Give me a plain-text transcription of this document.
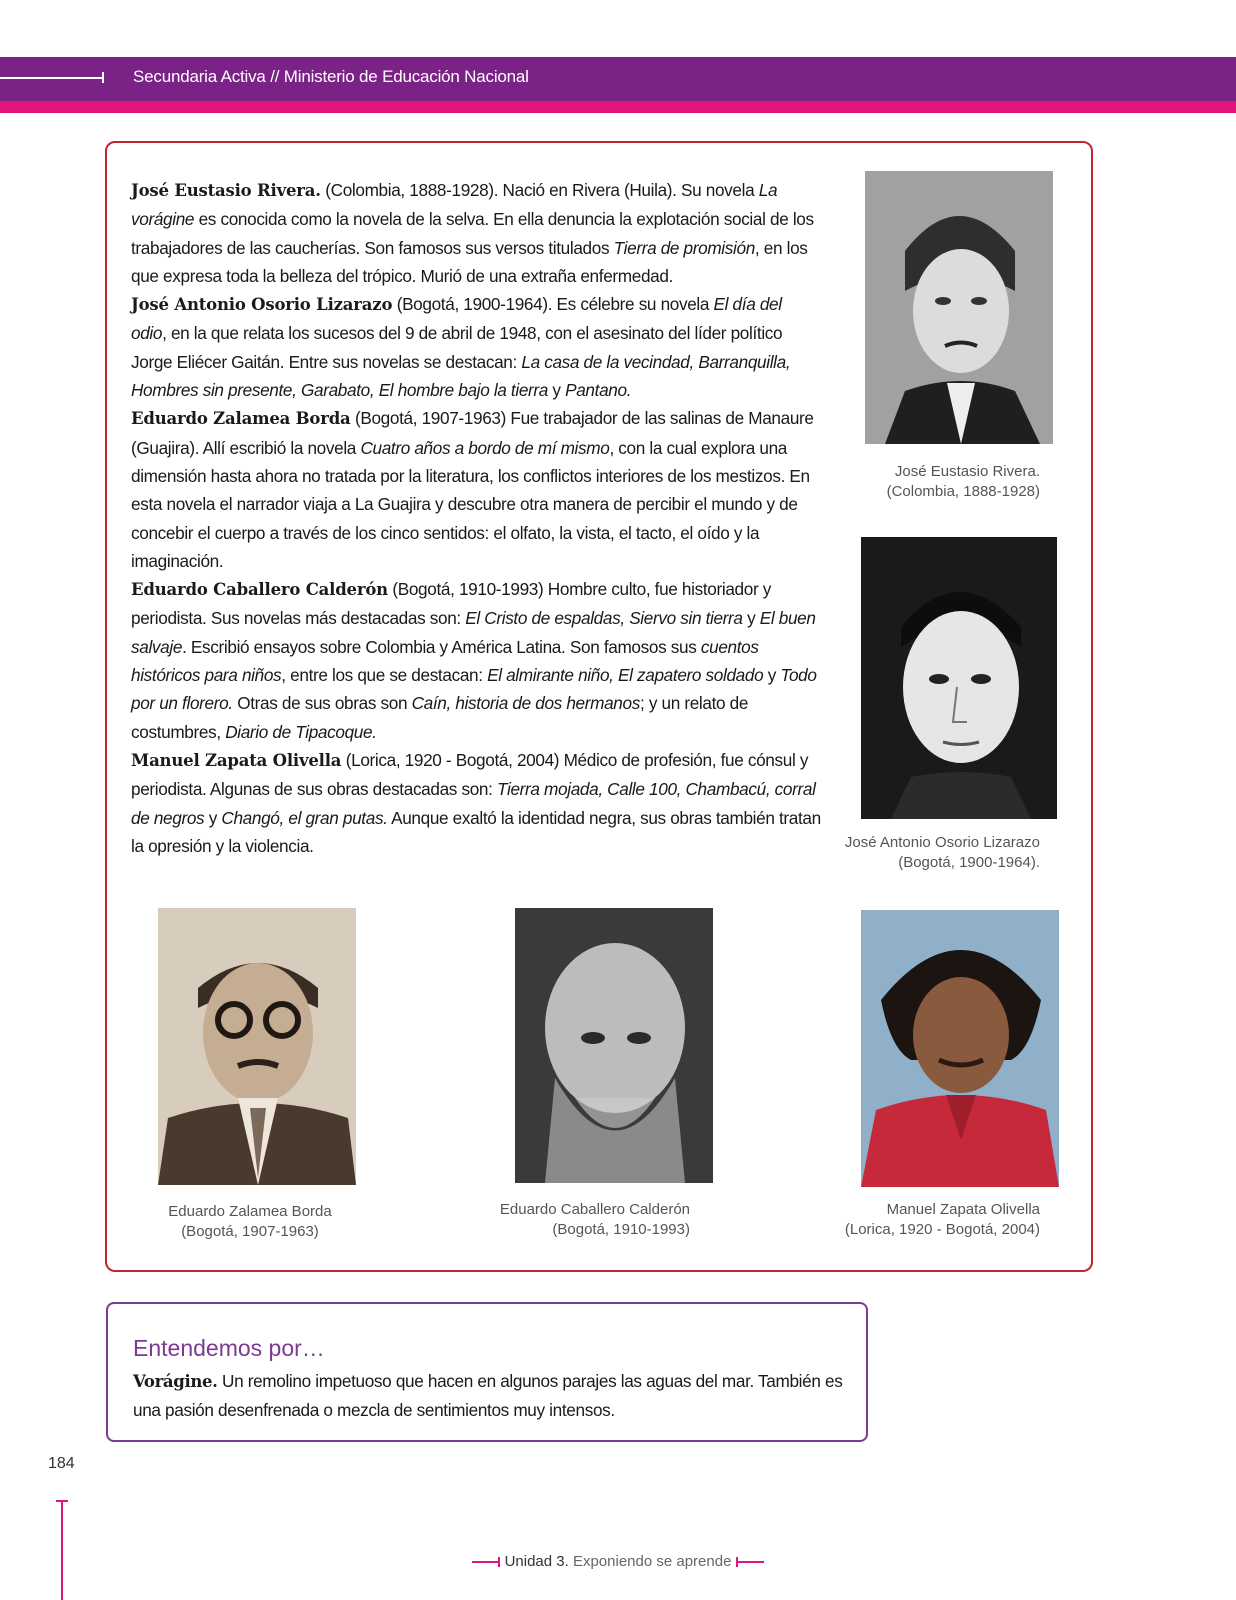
Secundaria Activa // Ministerio de Educación Nacional

José Eustasio Rivera. (Colombia, 1888-1928). Nació en Rivera (Huila). Su novela La vorágine es conocida como la novela de la selva. En ella denuncia la explotación social de los trabajadores de las caucherías. Son famosos sus versos titulados Tierra de promisión, en los que expresa toda la belleza del trópico. Murió de una extraña enfermedad.

José Antonio Osorio Lizarazo (Bogotá, 1900-1964). Es célebre su novela El día del odio, en la que relata los sucesos del 9 de abril de 1948, con el asesinato del líder político Jorge Eliécer Gaitán. Entre sus novelas se destacan: La casa de la vecindad, Barranquilla, Hombres sin presente, Garabato, El hombre bajo la tierra y Pantano.

Eduardo Zalamea Borda (Bogotá, 1907-1963) Fue trabajador de las salinas de Manaure (Guajira). Allí escribió la novela Cuatro años a bordo de mí mismo, con la cual explora una dimensión hasta ahora no tratada por la literatura, los conflictos interiores de los mestizos. En esta novela el narrador viaja a La Guajira y descubre otra manera de percibir el mundo y de concebir el cuerpo a través de los cinco sentidos: el olfato, la vista, el tacto, el oído y la imaginación.

Eduardo Caballero Calderón (Bogotá, 1910-1993) Hombre culto, fue historiador y periodista. Sus novelas más destacadas son: El Cristo de espaldas, Siervo sin tierra y El buen salvaje. Escribió ensayos sobre Colombia y América Latina. Son famosos sus cuentos históricos para niños, entre los que se destacan: El almirante niño, El zapatero soldado y Todo por un florero. Otras de sus obras son Caín, historia de dos hermanos; y un relato de costumbres, Diario de Tipacoque.

Manuel Zapata Olivella (Lorica, 1920 - Bogotá, 2004) Médico de profesión, fue cónsul y periodista. Algunas de sus obras destacadas son: Tierra mojada, Calle 100, Chambacú, corral de negros y Changó, el gran putas. Aunque exaltó la identidad negra, sus obras también tratan la opresión y la violencia.

José Eustasio Rivera.
(Colombia, 1888-1928)
José Antonio Osorio Lizarazo
(Bogotá, 1900-1964).
Eduardo Zalamea Borda
(Bogotá, 1907-1963)
Eduardo Caballero Calderón
(Bogotá, 1910-1993)
Manuel Zapata Olivella
(Lorica, 1920 - Bogotá, 2004)
Entendemos por…
Vorágine. Un remolino impetuoso que hacen en algunos parajes las aguas del mar. También es una pasión desenfrenada o mezcla de sentimientos muy intensos.
184
Unidad 3. Exponiendo se aprende
